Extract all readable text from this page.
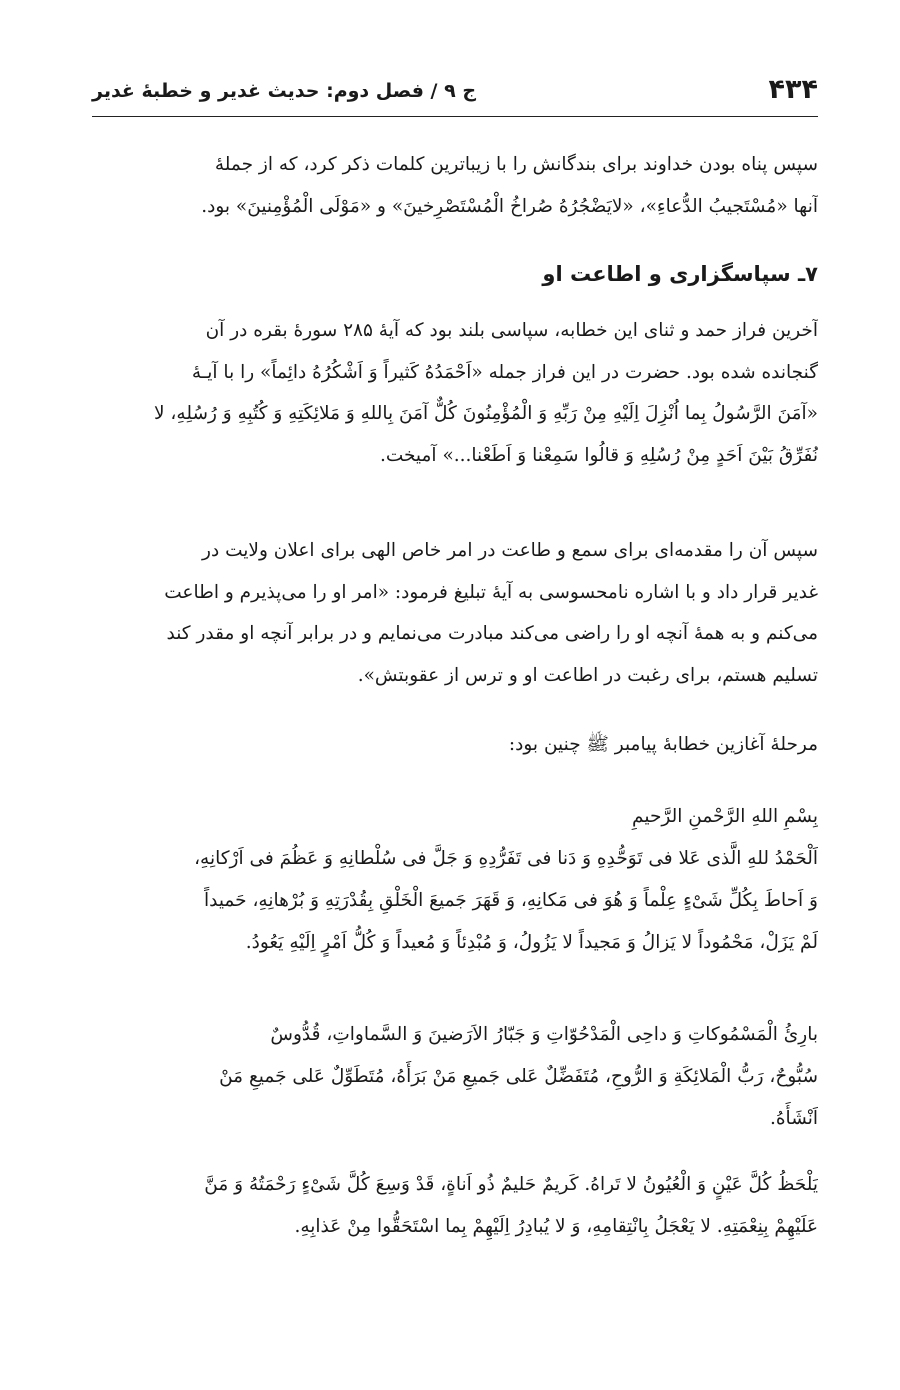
۴۳۴
ج ۹ / فصل دوم: حدیث غدیر و خطبهٔ غدیر
سپس پناه بودن خداوند برای بندگانش را با زیباترین کلمات ذکر کرد، که از جملهٔ
آنها «مُسْتَجیبُ الدُّعاءِ»، «لایَضْجُرُهُ صُراخُ الْمُسْتَصْرِخینَ» و «مَوْلَی الْمُؤْمِنینَ» بود.
۷ـ سپاسگزاری و اطاعت او
آخرین فراز حمد و ثنای این خطابه، سپاسی بلند بود که آیهٔ ۲۸۵ سورهٔ بقره در آن
گنجانده شده بود. حضرت در این فراز جمله «اَحْمَدُهُ کَثیراً وَ اَشْکُرُهُ دائِماً» را با آیـهٔ
«آمَنَ الرَّسُولُ بِما اُنْزِلَ اِلَیْهِ مِنْ رَبِّهِ وَ الْمُؤْمِنُونَ کُلٌّ آمَنَ بِاللهِ وَ مَلائِکَتِهِ وَ کُتُبِهِ وَ رُسُلِهِ، لا
نُفَرِّقُ بَیْنَ اَحَدٍ مِنْ رُسُلِهِ وَ قالُوا سَمِعْنا وَ اَطَعْنا...» آمیخت.
سپس آن را مقدمه‌ای برای سمع و طاعت در امر خاص الهی برای اعلان ولایت در
غدیر قرار داد و با اشاره نامحسوسی به آیهٔ تبلیغ فرمود: «امر او را می‌پذیرم و اطاعت
می‌کنم و به همهٔ آنچه او را راضی می‌کند مبادرت می‌نمایم و در برابر آنچه او مقدر کند
تسلیم هستم، برای رغبت در اطاعت او و ترس از عقوبتش».
مرحلهٔ آغازین خطابهٔ پیامبر ﷺ چنین بود:
بِسْمِ اللهِ الرَّحْمنِ الرَّحیمِ
اَلْحَمْدُ للهِ الَّذی عَلا فی تَوَحُّدِهِ وَ دَنا فی تَفَرُّدِهِ وَ جَلَّ فی سُلْطانِهِ وَ عَظُمَ فی اَرْکانِهِ،
وَ اَحاطَ بِکُلِّ شَیْءٍ عِلْماً وَ هُوَ فی مَکانِهِ، وَ قَهَرَ جَمیعَ الْخَلْقِ بِقُدْرَتِهِ وَ بُرْهانِهِ، حَمیداً
لَمْ یَزَلْ، مَحْمُوداً لا یَزالُ وَ مَجیداً لا یَزُولُ، وَ مُبْدِئاً وَ مُعیداً وَ کُلُّ اَمْرٍ اِلَیْهِ یَعُودُ.
بارِئُ الْمَسْمُوکاتِ وَ داحِی الْمَدْحُوّاتِ وَ جَبّارُ الاَرَضینَ وَ السَّماواتِ، قُدُّوسٌ
سُبُّوحٌ، رَبُّ الْمَلائِکَةِ وَ الرُّوحِ، مُتَفَضِّلٌ عَلی جَمیعِ مَنْ بَرَأَهُ، مُتَطَوِّلٌ عَلی جَمیعِ مَنْ
اَنْشَأَهُ.
یَلْحَظُ کُلَّ عَیْنٍ وَ الْعُیُونُ لا تَراهُ. کَریمٌ حَلیمٌ ذُو اَناةٍ، قَدْ وَسِعَ کُلَّ شَیْءٍ رَحْمَتُهُ وَ مَنَّ
عَلَیْهِمْ بِنِعْمَتِهِ. لا یَعْجَلُ بِانْتِقامِهِ، وَ لا یُبادِرُ اِلَیْهِمْ بِما اسْتَحَقُّوا مِنْ عَذابِهِ.
